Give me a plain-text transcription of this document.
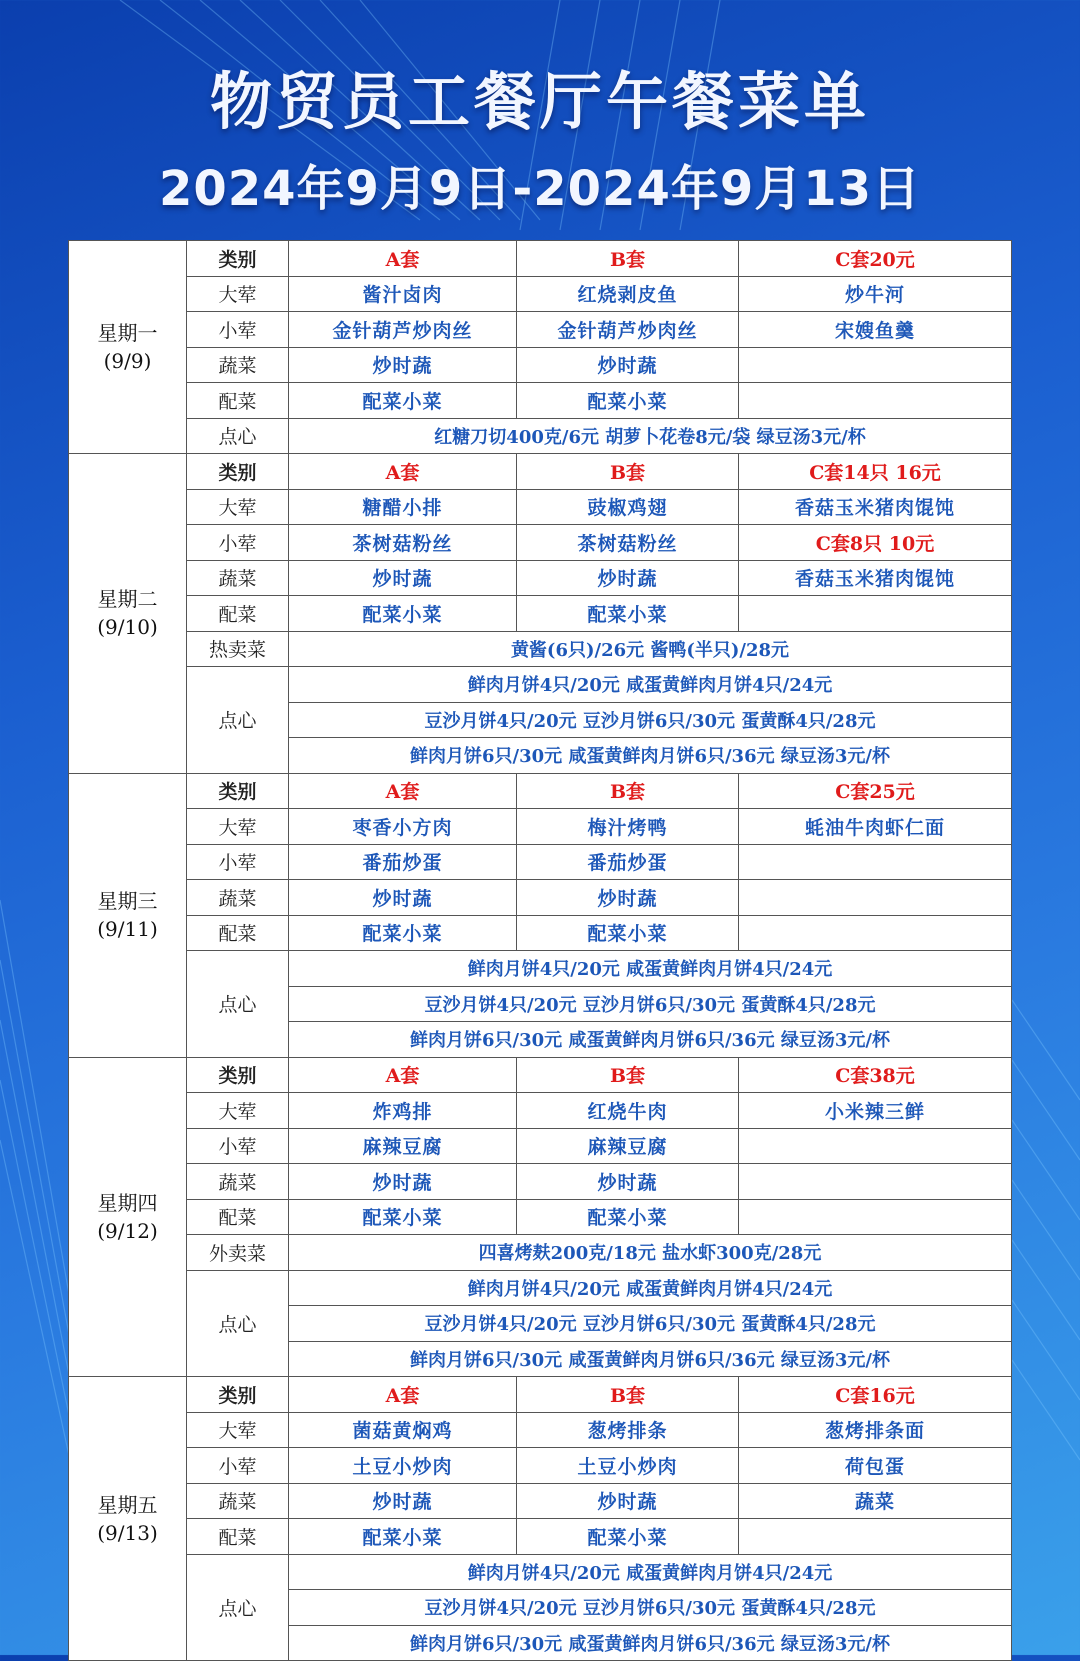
物贸员工餐厅午餐菜单
2024年9月9日-2024年9月13日
星期一
(9/9)	类别	A套	B套	C套20元
	大荤	酱汁卤肉	红烧剥皮鱼	炒牛河
	小荤	金针葫芦炒肉丝	金针葫芦炒肉丝	宋嫂鱼羹
	蔬菜	炒时蔬	炒时蔬	
	配菜	配菜小菜	配菜小菜	
	点心	红糖刀切400克/6元 胡萝卜花卷8元/袋 绿豆汤3元/杯		
星期二
(9/10)	类别	A套	B套	C套14只 16元
	大荤	糖醋小排	豉椒鸡翅	香菇玉米猪肉馄饨
	小荤	茶树菇粉丝	茶树菇粉丝	C套8只 10元
	蔬菜	炒时蔬	炒时蔬	香菇玉米猪肉馄饨
	配菜	配菜小菜	配菜小菜	
	热卖菜	黄酱(6只)/26元 酱鸭(半只)/28元		
	点心	鲜肉月饼4只/20元 咸蛋黄鲜肉月饼4只/24元		
		豆沙月饼4只/20元 豆沙月饼6只/30元 蛋黄酥4只/28元		
		鲜肉月饼6只/30元 咸蛋黄鲜肉月饼6只/36元 绿豆汤3元/杯		
星期三
(9/11)	类别	A套	B套	C套25元
	大荤	枣香小方肉	梅汁烤鸭	蚝油牛肉虾仁面
	小荤	番茄炒蛋	番茄炒蛋	
	蔬菜	炒时蔬	炒时蔬	
	配菜	配菜小菜	配菜小菜	
	点心	鲜肉月饼4只/20元 咸蛋黄鲜肉月饼4只/24元		
		豆沙月饼4只/20元 豆沙月饼6只/30元 蛋黄酥4只/28元		
		鲜肉月饼6只/30元 咸蛋黄鲜肉月饼6只/36元 绿豆汤3元/杯		
星期四
(9/12)	类别	A套	B套	C套38元
	大荤	炸鸡排	红烧牛肉	小米辣三鲜
	小荤	麻辣豆腐	麻辣豆腐	
	蔬菜	炒时蔬	炒时蔬	
	配菜	配菜小菜	配菜小菜	
	外卖菜	四喜烤麸200克/18元 盐水虾300克/28元		
	点心	鲜肉月饼4只/20元 咸蛋黄鲜肉月饼4只/24元		
		豆沙月饼4只/20元 豆沙月饼6只/30元 蛋黄酥4只/28元		
		鲜肉月饼6只/30元 咸蛋黄鲜肉月饼6只/36元 绿豆汤3元/杯		
星期五
(9/13)	类别	A套	B套	C套16元
	大荤	菌菇黄焖鸡	葱烤排条	葱烤排条面
	小荤	土豆小炒肉	土豆小炒肉	荷包蛋
	蔬菜	炒时蔬	炒时蔬	蔬菜
	配菜	配菜小菜	配菜小菜	
	点心	鲜肉月饼4只/20元 咸蛋黄鲜肉月饼4只/24元		
		豆沙月饼4只/20元 豆沙月饼6只/30元 蛋黄酥4只/28元		
		鲜肉月饼6只/30元 咸蛋黄鲜肉月饼6只/36元 绿豆汤3元/杯		
